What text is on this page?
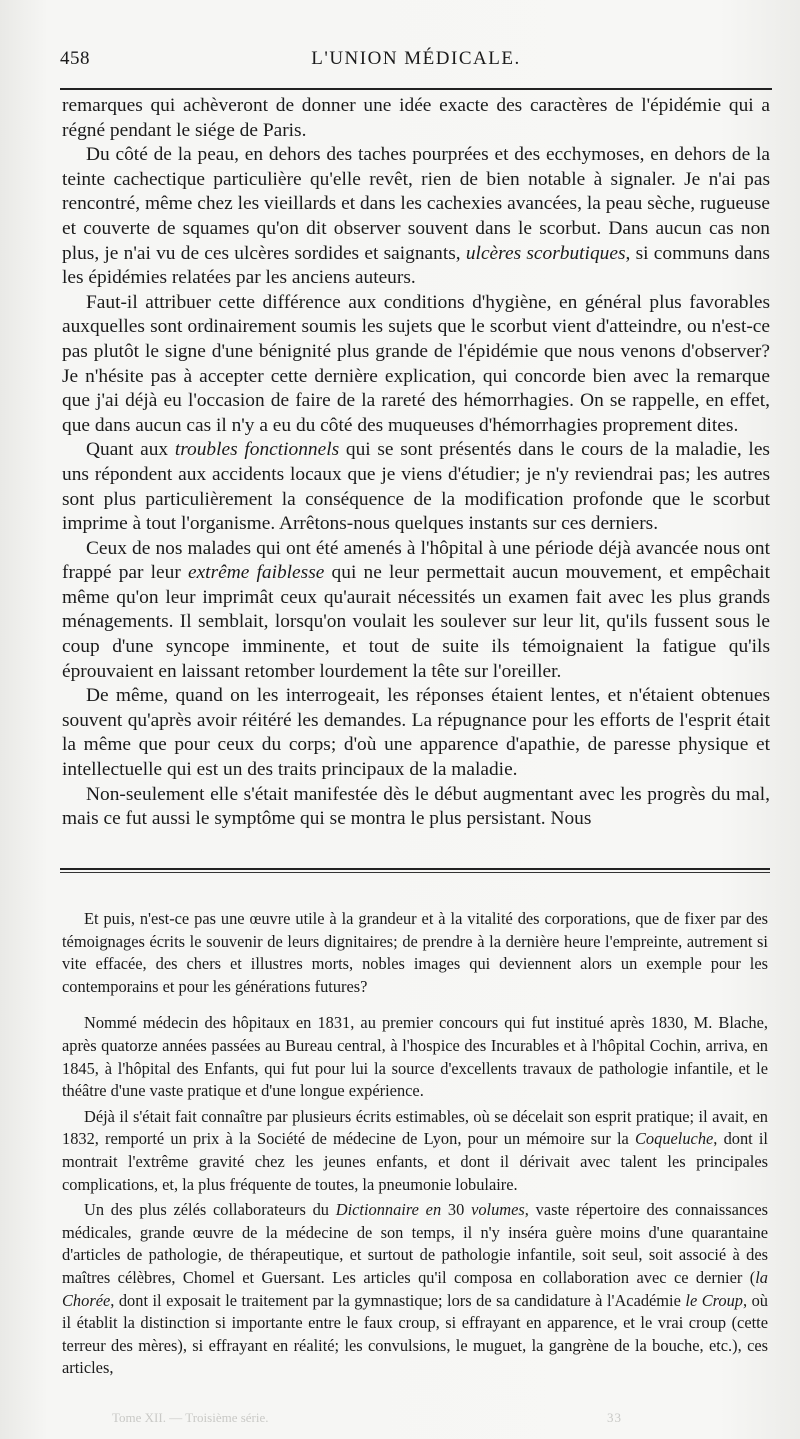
458	L'UNION MÉDICALE.

remarques qui achèveront de donner une idée exacte des caractères de l'épidémie qui a régné pendant le siége de Paris.

Du côté de la peau, en dehors des taches pourprées et des ecchymoses, en dehors de la teinte cachectique particulière qu'elle revêt, rien de bien notable à signaler. Je n'ai pas rencontré, même chez les vieillards et dans les cachexies avancées, la peau sèche, rugueuse et couverte de squames qu'on dit observer souvent dans le scorbut. Dans aucun cas non plus, je n'ai vu de ces ulcères sordides et saignants, ulcères scorbutiques, si communs dans les épidémies relatées par les anciens auteurs.

Faut-il attribuer cette différence aux conditions d'hygiène, en général plus favorables auxquelles sont ordinairement soumis les sujets que le scorbut vient d'atteindre, ou n'est-ce pas plutôt le signe d'une bénignité plus grande de l'épidémie que nous venons d'observer? Je n'hésite pas à accepter cette dernière explication, qui concorde bien avec la remarque que j'ai déjà eu l'occasion de faire de la rareté des hémorrhagies. On se rappelle, en effet, que dans aucun cas il n'y a eu du côté des muqueuses d'hémorrhagies proprement dites.

Quant aux troubles fonctionnels qui se sont présentés dans le cours de la maladie, les uns répondent aux accidents locaux que je viens d'étudier; je n'y reviendrai pas; les autres sont plus particulièrement la conséquence de la modification profonde que le scorbut imprime à tout l'organisme. Arrêtons-nous quelques instants sur ces derniers.

Ceux de nos malades qui ont été amenés à l'hôpital à une période déjà avancée nous ont frappé par leur extrême faiblesse qui ne leur permettait aucun mouvement, et empêchait même qu'on leur imprimât ceux qu'aurait nécessités un examen fait avec les plus grands ménagements. Il semblait, lorsqu'on voulait les soulever sur leur lit, qu'ils fussent sous le coup d'une syncope imminente, et tout de suite ils témoignaient la fatigue qu'ils éprouvaient en laissant retomber lourdement la tête sur l'oreiller.

De même, quand on les interrogeait, les réponses étaient lentes, et n'étaient obtenues souvent qu'après avoir réitéré les demandes. La répugnance pour les efforts de l'esprit était la même que pour ceux du corps; d'où une apparence d'apathie, de paresse physique et intellectuelle qui est un des traits principaux de la maladie.

Non-seulement elle s'était manifestée dès le début augmentant avec les progrès du mal, mais ce fut aussi le symptôme qui se montra le plus persistant. Nous

Et puis, n'est-ce pas une œuvre utile à la grandeur et à la vitalité des corporations, que de fixer par des témoignages écrits le souvenir de leurs dignitaires; de prendre à la dernière heure l'empreinte, autrement si vite effacée, des chers et illustres morts, nobles images qui deviennent alors un exemple pour les contemporains et pour les générations futures?

Nommé médecin des hôpitaux en 1831, au premier concours qui fut institué après 1830, M. Blache, après quatorze années passées au Bureau central, à l'hospice des Incurables et à l'hôpital Cochin, arriva, en 1845, à l'hôpital des Enfants, qui fut pour lui la source d'excellents travaux de pathologie infantile, et le théâtre d'une vaste pratique et d'une longue expérience.

Déjà il s'était fait connaître par plusieurs écrits estimables, où se décelait son esprit pratique; il avait, en 1832, remporté un prix à la Société de médecine de Lyon, pour un mémoire sur la Coqueluche, dont il montrait l'extrême gravité chez les jeunes enfants, et dont il dérivait avec talent les principales complications, et, la plus fréquente de toutes, la pneumonie lobulaire.

Un des plus zélés collaborateurs du Dictionnaire en 30 volumes, vaste répertoire des connaissances médicales, grande œuvre de la médecine de son temps, il n'y inséra guère moins d'une quarantaine d'articles de pathologie, de thérapeutique, et surtout de pathologie infantile, soit seul, soit associé à des maîtres célèbres, Chomel et Guersant. Les articles qu'il composa en collaboration avec ce dernier (la Chorée, dont il exposait le traitement par la gymnastique; lors de sa candidature à l'Académie le Croup, où il établit la distinction si importante entre le faux croup, si effrayant en apparence, et le vrai croup (cette terreur des mères), si effrayant en réalité; les convulsions, le muguet, la gangrène de la bouche, etc.), ces articles,

Tome XII. — Troisième série.	33
